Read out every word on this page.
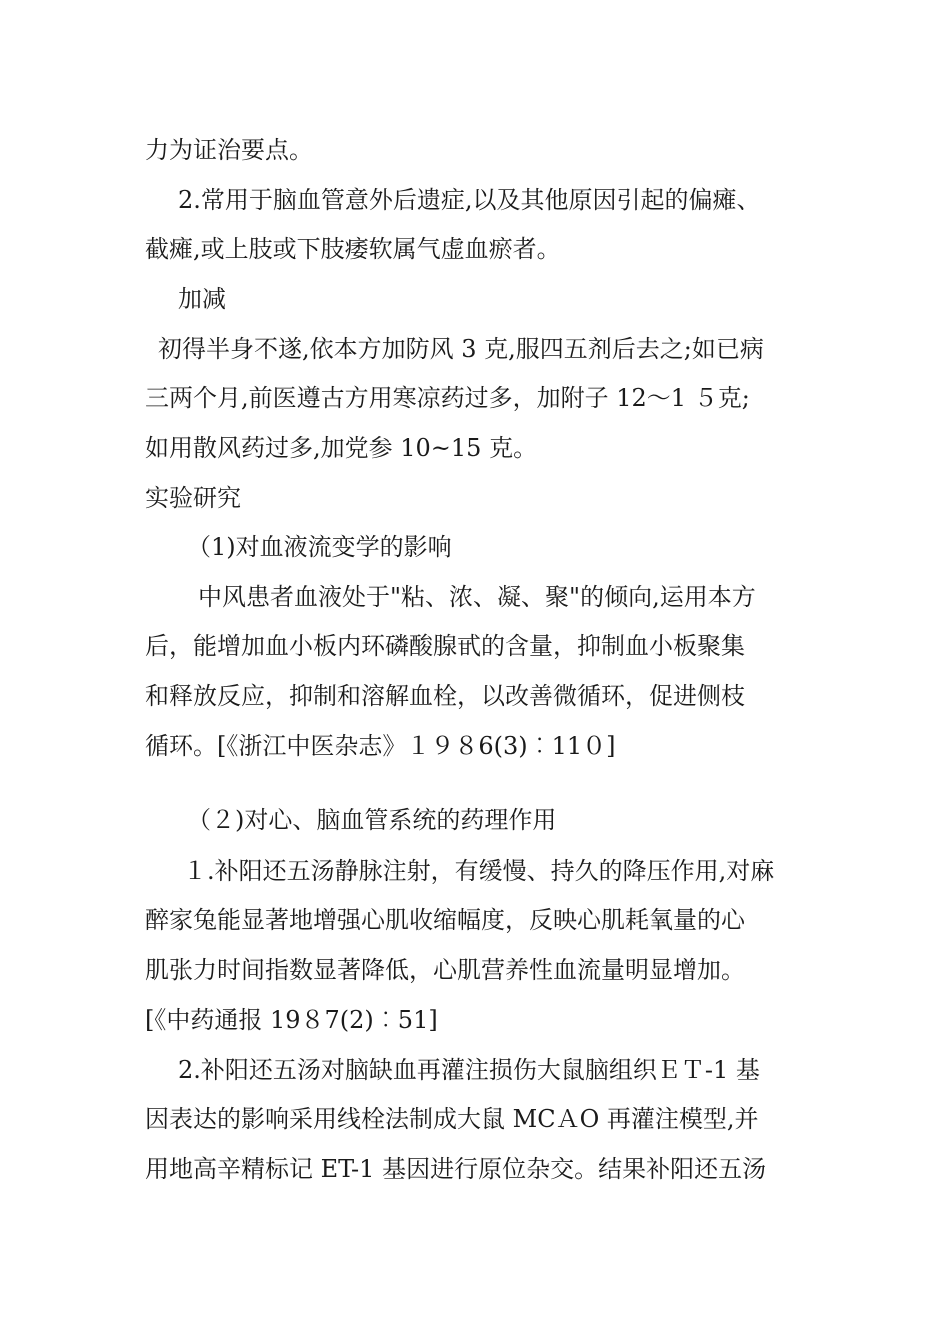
力为证治要点。
2.常用于脑血管意外后遗症,以及其他原因引起的偏瘫、
截瘫,或上肢或下肢痿软属气虚血瘀者。
加减
初得半身不遂,依本方加防风 3 克,服四五剂后去之;如已病
三两个月,前医遵古方用寒凉药过多，加附子 12～1 ５克;
如用散风药过多,加党参 10~15 克。
实验研究
（1)对血液流变学的影响
中风患者血液处于"粘、浓、凝、聚"的倾向,运用本方
后，能增加血小板内环磷酸腺甙的含量，抑制血小板聚集
和释放反应，抑制和溶解血栓，以改善微循环，促进侧枝
循环。[《浙江中医杂志》１９８6(3)︰11０]
（２)对心、脑血管系统的药理作用
１.补阳还五汤静脉注射，有缓慢、持久的降压作用,对麻
醉家兔能显著地增强心肌收缩幅度，反映心肌耗氧量的心
肌张力时间指数显著降低，心肌营养性血流量明显增加。
[《中药通报 19８7(2)︰51]
2.补阳还五汤对脑缺血再灌注损伤大鼠脑组织ＥＴ-1 基
因表达的影响采用线栓法制成大鼠 MCＡO 再灌注模型,并
用地高辛精标记 ET-1 基因进行原位杂交。结果补阳还五汤
